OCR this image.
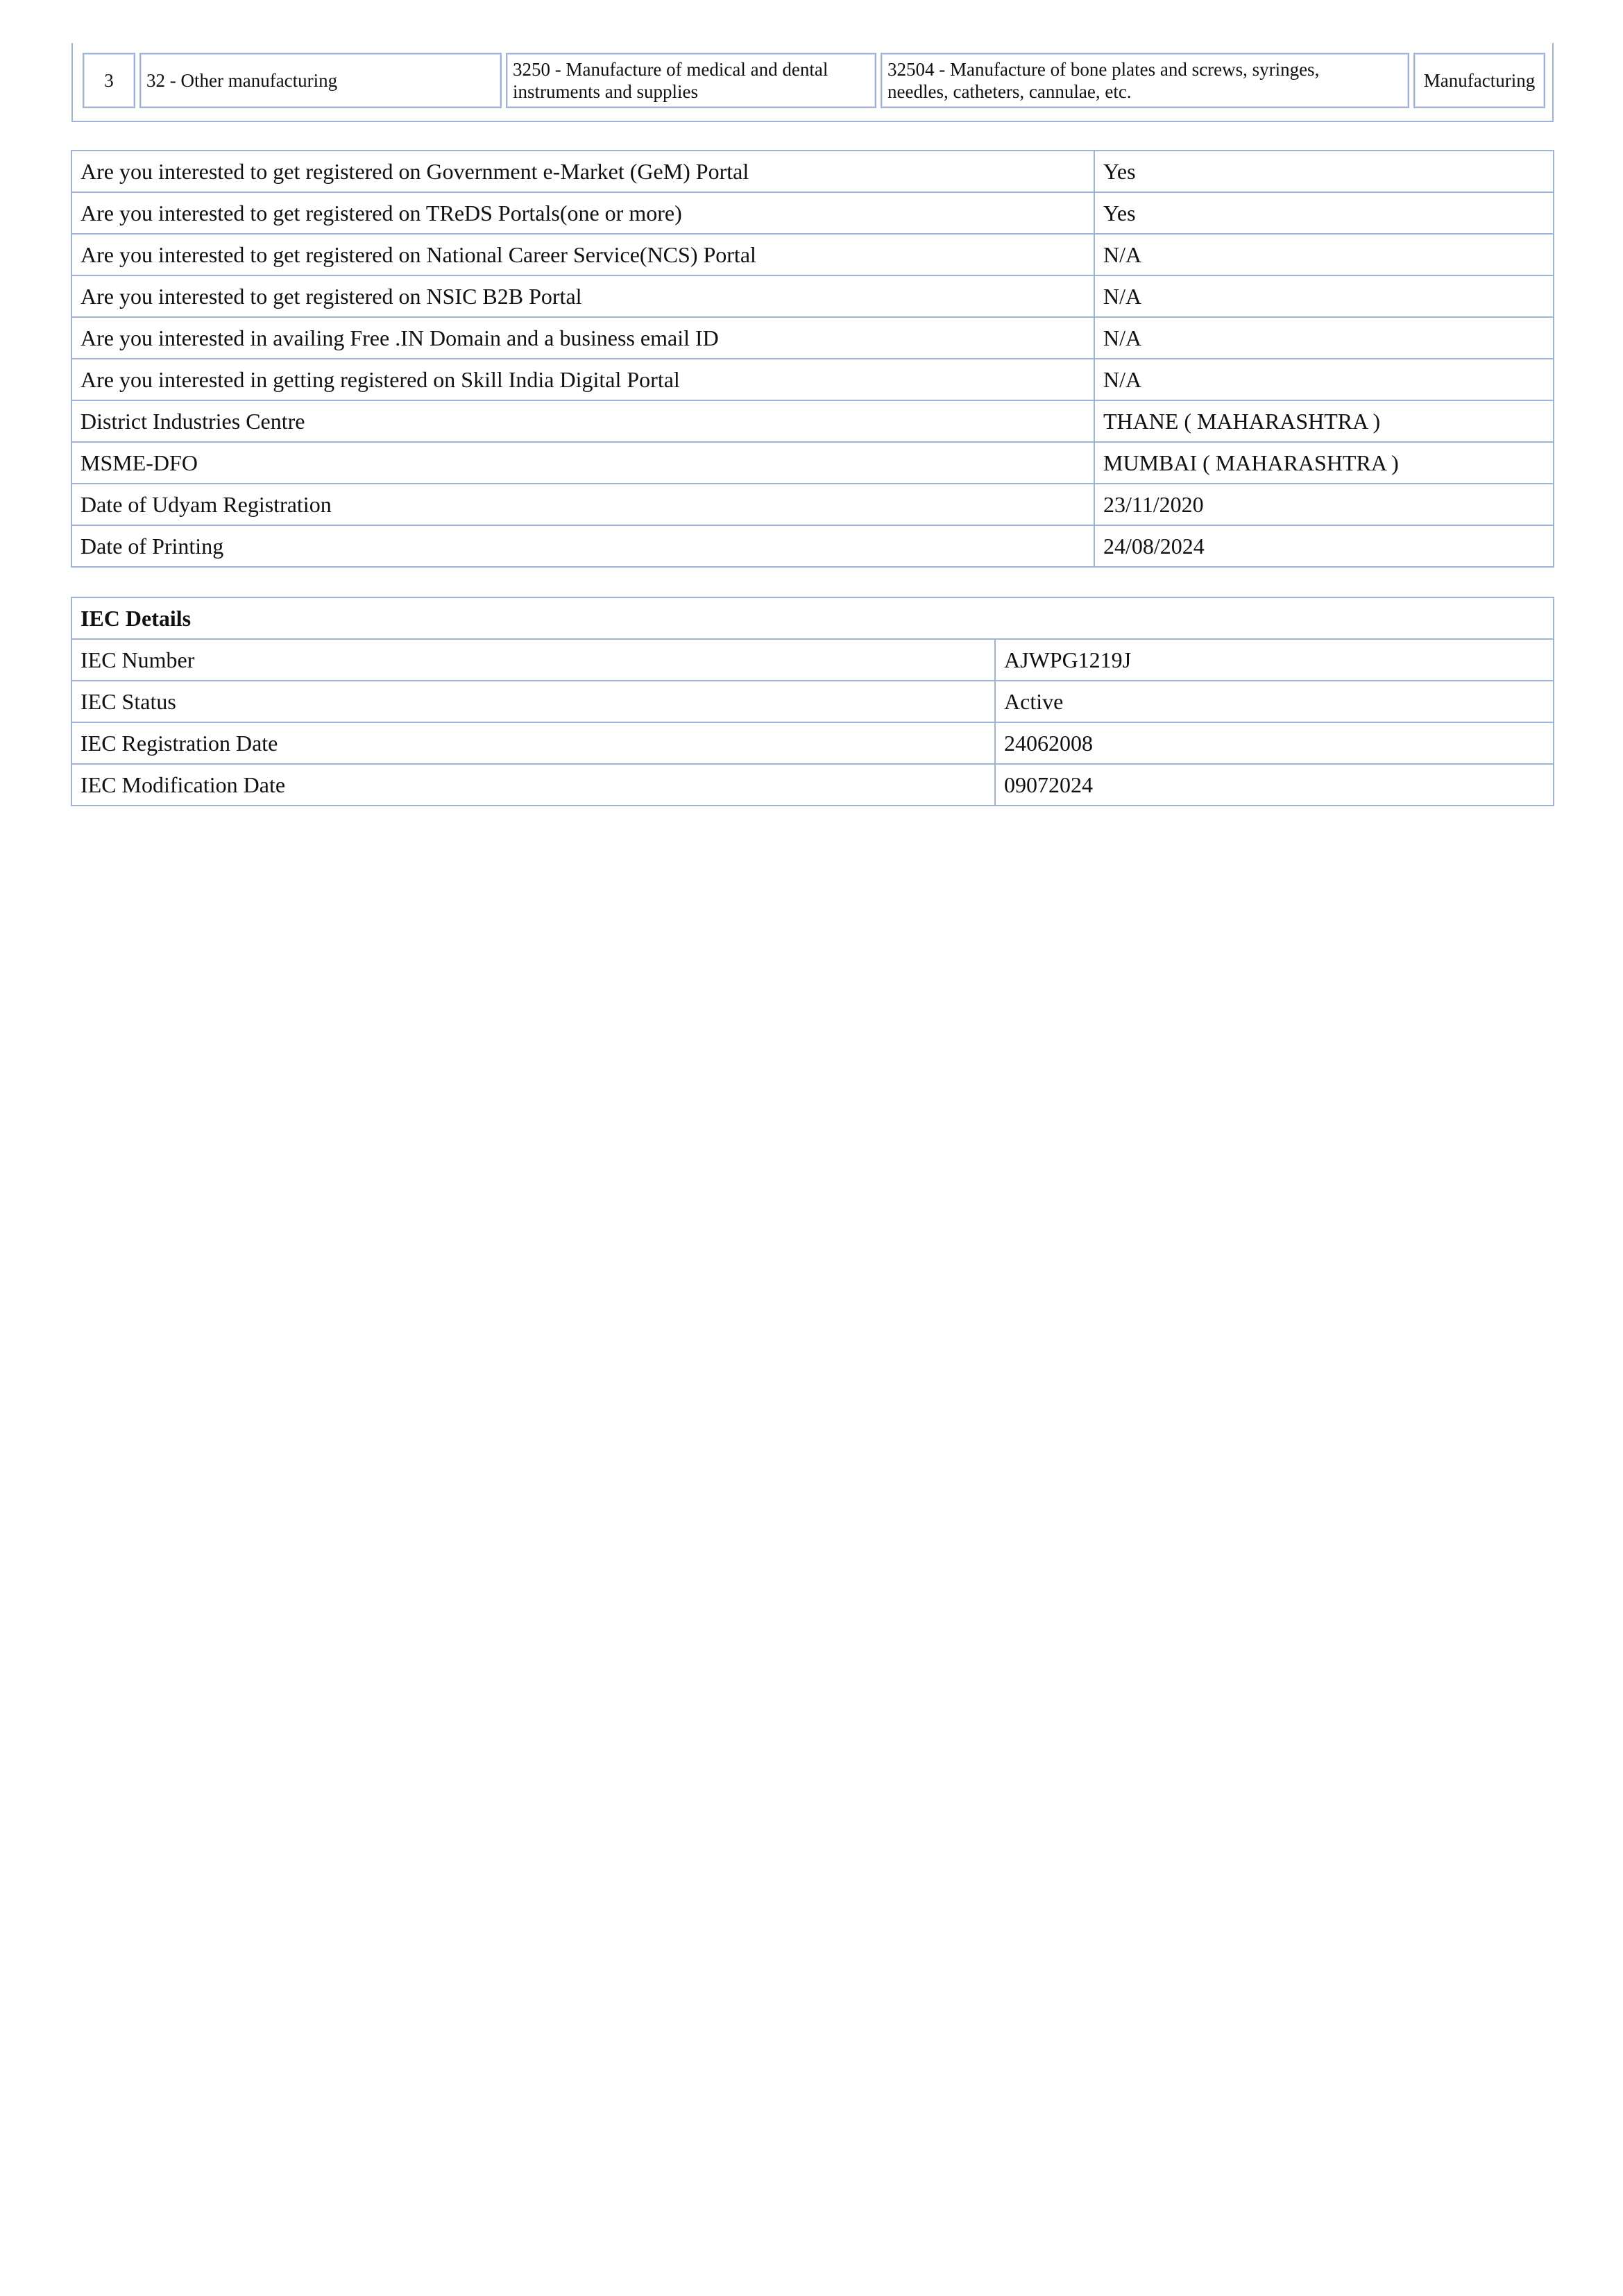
3	32 - Other manufacturing	3250 - Manufacture of medical and dental
instruments and supplies	32504 - Manufacture of bone plates and screws, syringes,
needles, catheters, cannulae, etc.	Manufacturing
Are you interested to get registered on Government e-Market (GeM) Portal	Yes
Are you interested to get registered on TReDS Portals(one or more)	Yes
Are you interested to get registered on National Career Service(NCS) Portal	N/A
Are you interested to get registered on NSIC B2B Portal	N/A
Are you interested in availing Free .IN Domain and a business email ID	N/A
Are you interested in getting registered on Skill India Digital Portal	N/A
District Industries Centre	THANE ( MAHARASHTRA )
MSME-DFO	MUMBAI ( MAHARASHTRA )
Date of Udyam Registration	23/11/2020
Date of Printing	24/08/2024
IEC Details	
IEC Number	AJWPG1219J
IEC Status	Active
IEC Registration Date	24062008
IEC Modification Date	09072024
